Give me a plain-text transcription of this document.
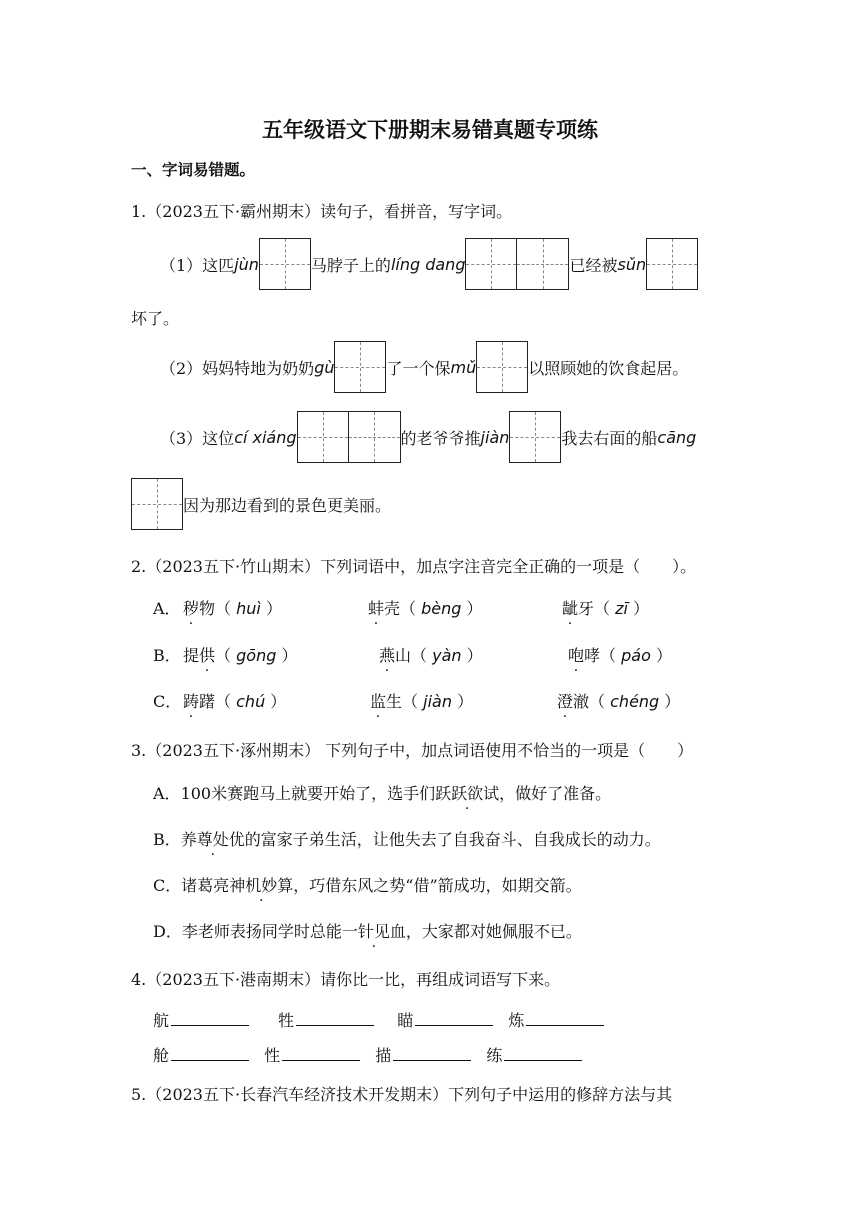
五年级语文下册期末易错真题专项练
一、字词易错题。
1.（2023五下·霸州期末）读句子，看拼音，写字词。
（1）这匹 jùn	马脖子上的 líng dang	已经被 sǔn
坏了。
（2）妈妈特地为奶奶 gù	了一个保 mǔ	以照顾她的饮食起居。
（3）这位 cí xiáng	的老爷爷推 jiàn	我去右面的船 cāng
因为那边看到的景色更美丽。
2.（2023五下·竹山期末）下列词语中，加点字注音完全正确的一项是（　　）。
A． 秽物（ huì ）	蚌壳（ bèng ）	龇牙（ zī ）
B． 提供（ gōng ）	燕山（ yàn ）	咆哮（ páo ）
C． 踌躇（ chú ）	监生（ jiàn ）	澄澈（ chéng ）
3.（2023五下·涿州期末） 下列句子中，加点词语使用不恰当的一项是（　　）
A．100米赛跑马上就要开始了，选手们跃跃欲试，做好了准备。
B．养尊处优的富家子弟生活，让他失去了自我奋斗、自我成长的动力。
C．诸葛亮神机妙算，巧借东风之势“借”箭成功，如期交箭。
D．李老师表扬同学时总能一针见血，大家都对她佩服不已。
4.（2023五下·港南期末）请你比一比，再组成词语写下来。
航	牲	瞄	炼
舱	性	描	练
5.（2023五下·长春汽车经济技术开发期末）下列句子中运用的修辞方法与其
